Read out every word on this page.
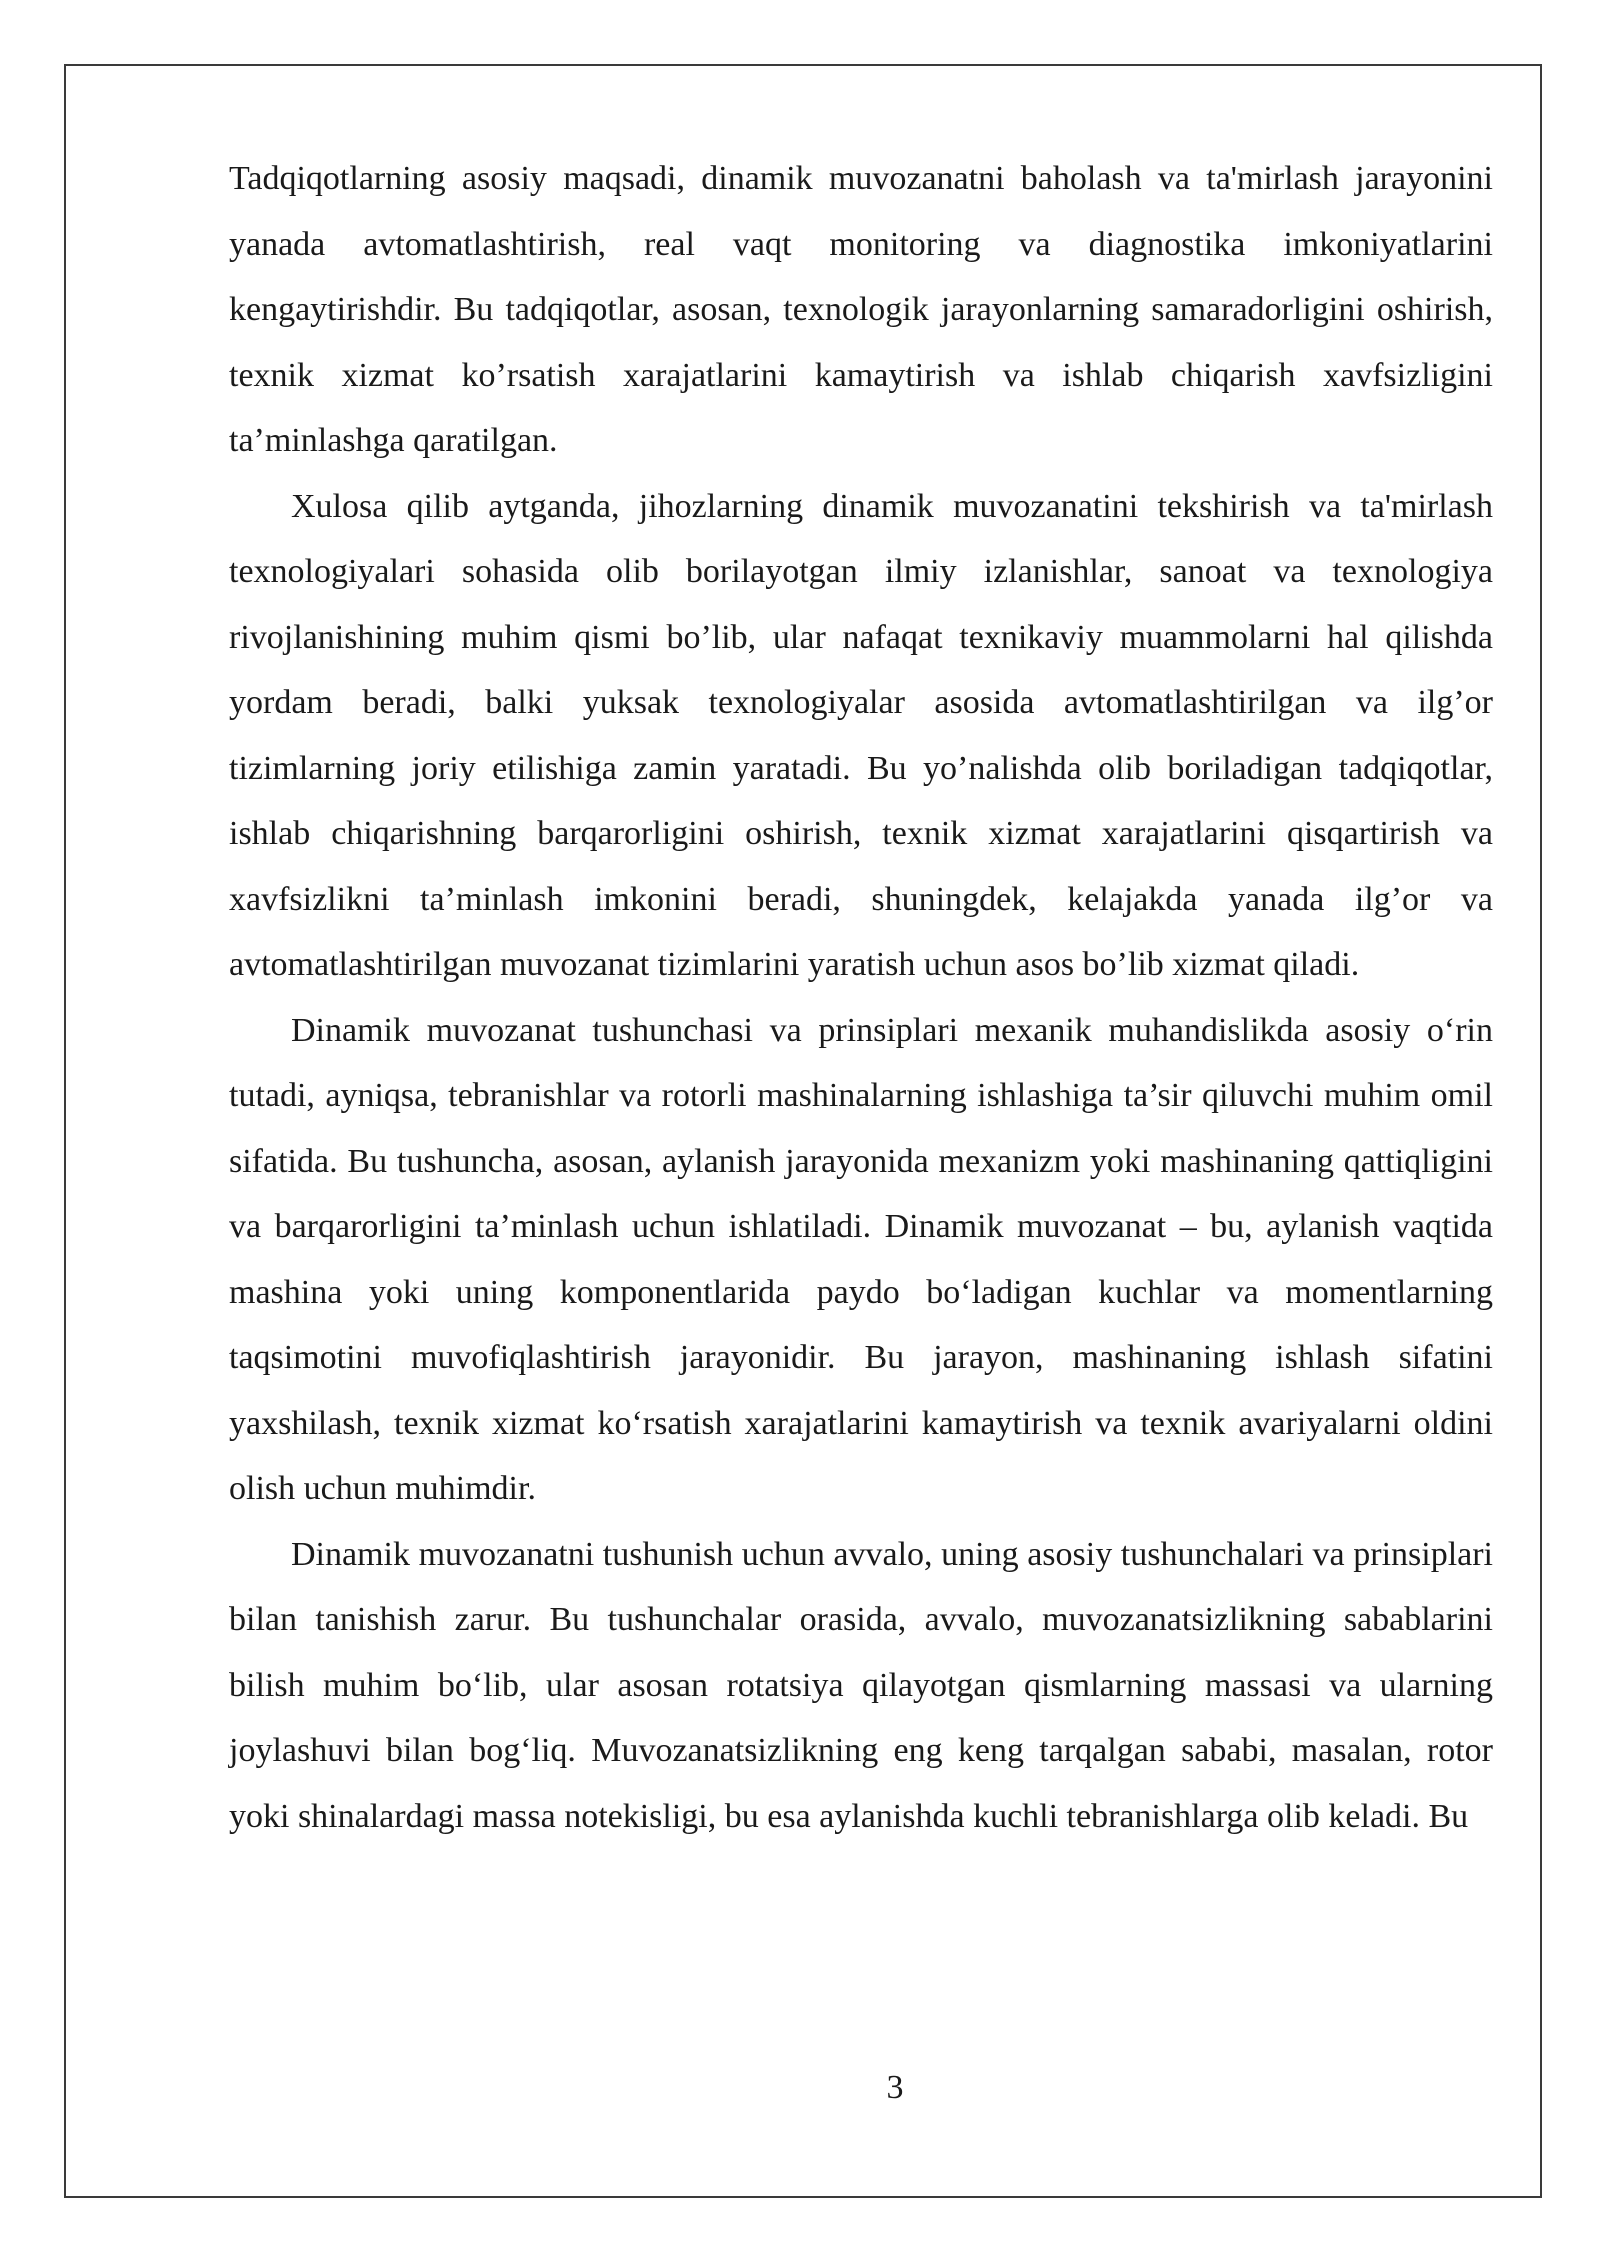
Tadqiqotlarning asosiy maqsadi, dinamik muvozanatni baholash va ta'mirlash jarayonini yanada avtomatlashtirish, real vaqt monitoring va diagnostika imkoniyatlarini kengaytirishdir. Bu tadqiqotlar, asosan, texnologik jarayonlarning samaradorligini oshirish, texnik xizmat ko’rsatish xarajatlarini kamaytirish va ishlab chiqarish xavfsizligini ta’minlashga qaratilgan.

Xulosa qilib aytganda, jihozlarning dinamik muvozanatini tekshirish va ta'mirlash texnologiyalari sohasida olib borilayotgan ilmiy izlanishlar, sanoat va texnologiya rivojlanishining muhim qismi bo’lib, ular nafaqat texnikaviy muammolarni hal qilishda yordam beradi, balki yuksak texnologiyalar asosida avtomatlashtirilgan va ilg’or tizimlarning joriy etilishiga zamin yaratadi. Bu yo’nalishda olib boriladigan tadqiqotlar, ishlab chiqarishning barqarorligini oshirish, texnik xizmat xarajatlarini qisqartirish va xavfsizlikni ta’minlash imkonini beradi, shuningdek, kelajakda yanada ilg’or va avtomatlashtirilgan muvozanat tizimlarini yaratish uchun asos bo’lib xizmat qiladi.

Dinamik muvozanat tushunchasi va prinsiplari mexanik muhandislikda asosiy o‘rin tutadi, ayniqsa, tebranishlar va rotorli mashinalarning ishlashiga ta’sir qiluvchi muhim omil sifatida. Bu tushuncha, asosan, aylanish jarayonida mexanizm yoki mashinaning qattiqligini va barqarorligini ta’minlash uchun ishlatiladi. Dinamik muvozanat – bu, aylanish vaqtida mashina yoki uning komponentlarida paydo bo‘ladigan kuchlar va momentlarning taqsimotini muvofiqlashtirish jarayonidir. Bu jarayon, mashinaning ishlash sifatini yaxshilash, texnik xizmat ko‘rsatish xarajatlarini kamaytirish va texnik avariyalarni oldini olish uchun muhimdir.

Dinamik muvozanatni tushunish uchun avvalo, uning asosiy tushunchalari va prinsiplari bilan tanishish zarur. Bu tushunchalar orasida, avvalo, muvozanatsizlikning sabablarini bilish muhim bo‘lib, ular asosan rotatsiya qilayotgan qismlarning massasi va ularning joylashuvi bilan bog‘liq. Muvozanatsizlikning eng keng tarqalgan sababi, masalan, rotor yoki shinalardagi massa notekisligi, bu esa aylanishda kuchli tebranishlarga olib keladi. Bu

3
